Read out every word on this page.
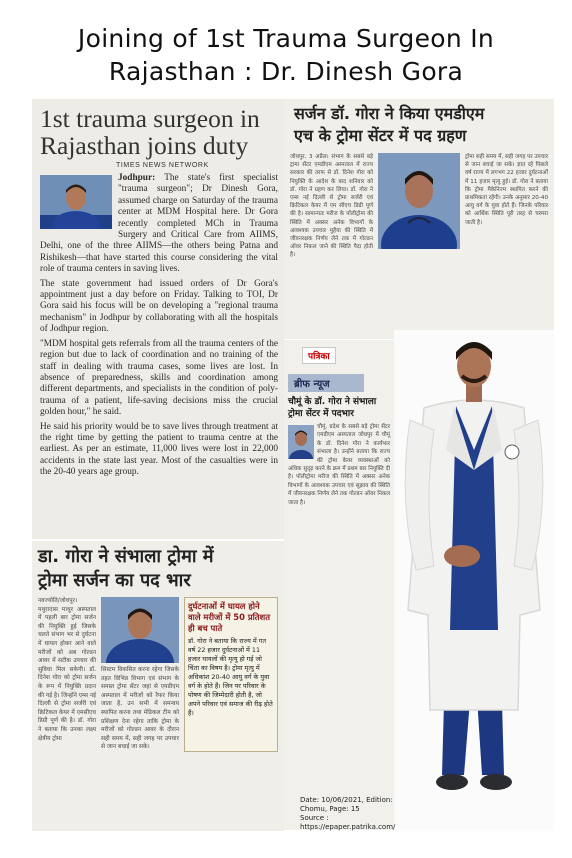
Joining of 1st Trauma Surgeon In
Rajasthan : Dr. Dinesh Gora
1st trauma surgeon in
Rajasthan joins duty
TIMES NEWS NETWORK

Jodhpur: The state's first specialist "trauma surgeon"; Dr Dinesh Gora, assumed charge on Saturday of the trauma center at MDM Hospital here. Dr Gora recently completed MCh in Trauma Surgery and Critical Care from AIIMS, Delhi, one of the three AIIMS—the others being Patna and Rishikesh—that have started this course considering the vital role of trauma centers in saving lives.

The state government had issued orders of Dr Gora's appointment just a day before on Friday. Talking to TOI, Dr Gora said his focus will be on developing a "regional trauma mechanism" in Jodhpur by collaborating with all the hospitals of Jodhpur region.

"MDM hospital gets referrals from all the trauma centers of the region but due to lack of coordination and no training of the staff in dealing with trauma cases, some lives are lost. In absence of preparedness, skills and coordination among different departments, and specialists in the condition of poly-trauma of a patient, life-saving decisions miss the crucial golden hour," he said.

He said his priority would be to save lives through treatment at the right time by getting the patient to trauma centre at the earliest. As per an estimate, 11,000 lives were lost in 22,000 accidents in the state last year. Most of the casualties were in the 20-40 years age group.

सर्जन डॉ. गोरा ने किया एमडीएम
एच के ट्रोमा सेंटर में पद ग्रहण
जोधपुर, 3 अप्रैल। संभाग के सबसे बड़े ट्रामा सेंटर एमडीएम अस्पताल में राज्य सरकार की तरफ से डॉ. दिनेश गोरा को नियुक्ति के आदेश के बाद शनिवार को डॉ. गोरा ने ग्रहण कर लिया। डॉ. गोरा ने एम्स नई दिल्ली से ट्रोमा सर्जरी एवं क्रिटिकल केयर में एम सीएच डिग्री पूर्ण की है। सामान्यतः मरीज के पॉलीट्रोमा की स्थिति में अक्सर अनेक विभागों के आवश्यक उपचार मुहैया की स्थिति में जीवनरक्षक निर्णय लेने तक में गोल्डन ऑवर निकल जाने की स्थिति पैदा होती है।
ट्रोमा सही समय में, सही जगह पर उपचार से जान बचाई जा सके। ज्ञात रहे पिछले वर्ष राज्य में लगभग 22 हजार दुर्घटनाओं में 11 हजार मृत्यु हुई। डॉ. गोरा ने बताया कि ट्रोमा मैकेनिज्म स्थापित करने की प्राथमिकता रहेगी। उनके अनुसार 20-40 आयु वर्ग के युवा होते हैं। जिनके परिवार को आर्थिक स्थिति पूरी तरह से चरमरा जाती है।
पत्रिका
ब्रीफ न्यूज
चौमूं के डॉ. गोरा ने संभाला ट्रोमा सेंटर में पदभार
चौमूं. प्रदेश के सबसे बड़े ट्रोमा सेंटर एमडीएम अस्पताल जोधपुर में चौमूं के डॉ. दिनेश गोरा ने कार्यभार संभाला है। उन्होंने बताया कि राज्य की ट्रोमा केयर व्यवस्थाओं को अधिक सुदृढ़ करने के क्रम में प्रथम बार नियुक्ति दी है। पॉलीट्रोमा मरीज की स्थिति में अक्सर अनेक विभागों के आवश्यक उपचार एवं सुझाव की स्थिति में जीवनरक्षक निर्णय लेने तक गोल्डन ऑवर निकल जाता है।
डा. गोरा ने संभाला ट्रोमा में
ट्रोमा सर्जन का पद भार
नवज्योति/जोधपुर। मथुरादास माथुर अस्पताल में पहली बार ट्रोमा सर्जन की नियुक्ति हुई जिसके चलते संभाग भर से दुर्घटना में घायल होकर आने वाले मरीजों को अब गोल्डन आवर में सटीक उपचार की सुविधा मिल सकेगी। डॉ. दिनेश गोरा को ट्रोमा सर्जन के रूप में नियुक्ति प्रदान की गई है। जिन्होंने एम्स नई दिल्ली से ट्रोमा सर्जरी एवं क्रिटिकल केयर में एमसीएच डिग्री पूर्ण की है। डॉ. गोरा ने बताया कि उनका लक्ष्य क्षेत्रीय ट्रोमा
सिस्टम विकसित करना रहेगा जिसके तहत विभिन्न विभाग एवं संभाग के समस्त ट्रोमा सेंटर जहां से एमडीएम अस्पताल में मरीजों को रैफर किया जाता है, उन सभी में समन्वय स्थापित करना तथा मेडिकल टीम को प्रशिक्षण देना रहेगा ताकि ट्रोमा के मरीजों को गोल्डन आवर के दौरान सही समय में, सही जगह पर उपचार से जान बचाई जा सके।
दुर्घटनाओं में घायल होने वाले मरीजों में 50 प्रतिशत ही बच पाते
डॉ. गोरा ने बताया कि राज्य में गत वर्ष 22 हजार दुर्घटनाओं में 11 हजार घायलों की मृत्यु हो गई जो चिंता का विषय है। ट्रोमा मृत्यु में अधिकांश 20-40 आयु वर्ग के युवा वर्ग के होते हैं। जिन पर परिवार के पोषण की जिम्मेदारी होती है, जो अपने परिवार एवं समाज की रीढ़ होते हैं।
Date: 10/06/2021, Edition: Chomu, Page: 15
Source :
https://epaper.patrika.com/
